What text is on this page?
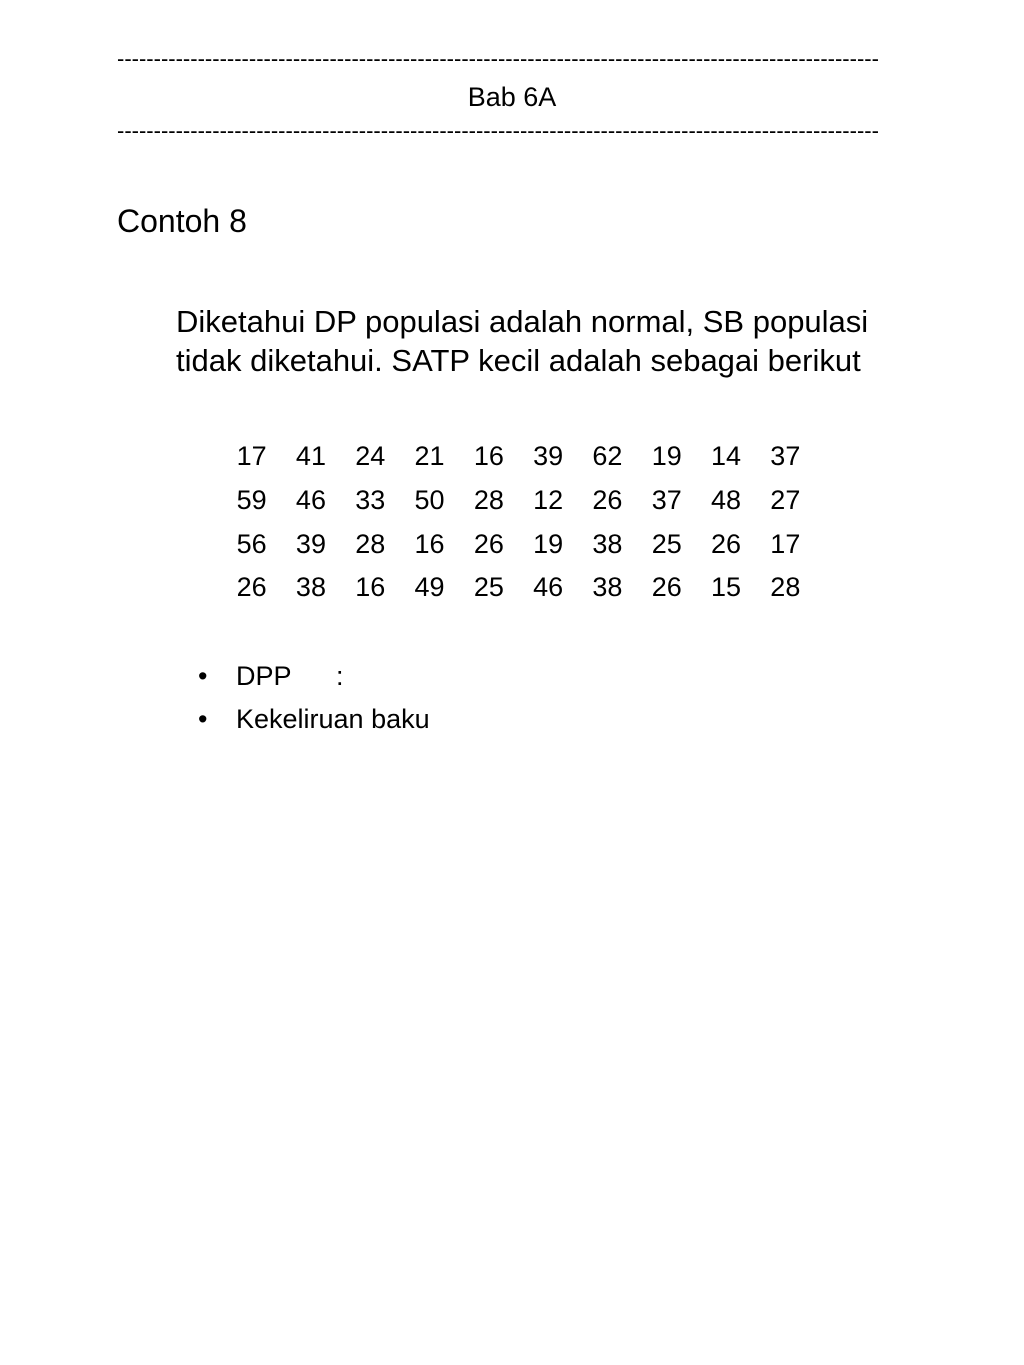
--------------------------------------------------------------------------------------------------------
Bab 6A
--------------------------------------------------------------------------------------------------------
Contoh 8

Diketahui DP populasi adalah normal, SB populasi

tidak diketahui. SATP kecil adalah sebagai berikut

17	41	24	21	16	39	62	19	14	37
59	46	33	50	28	12	26	37	48	27
56	39	28	16	26	19	38	25	26	17
26	38	16	49	25	46	38	26	15	28
• DPP :
• Kekeliruan baku
